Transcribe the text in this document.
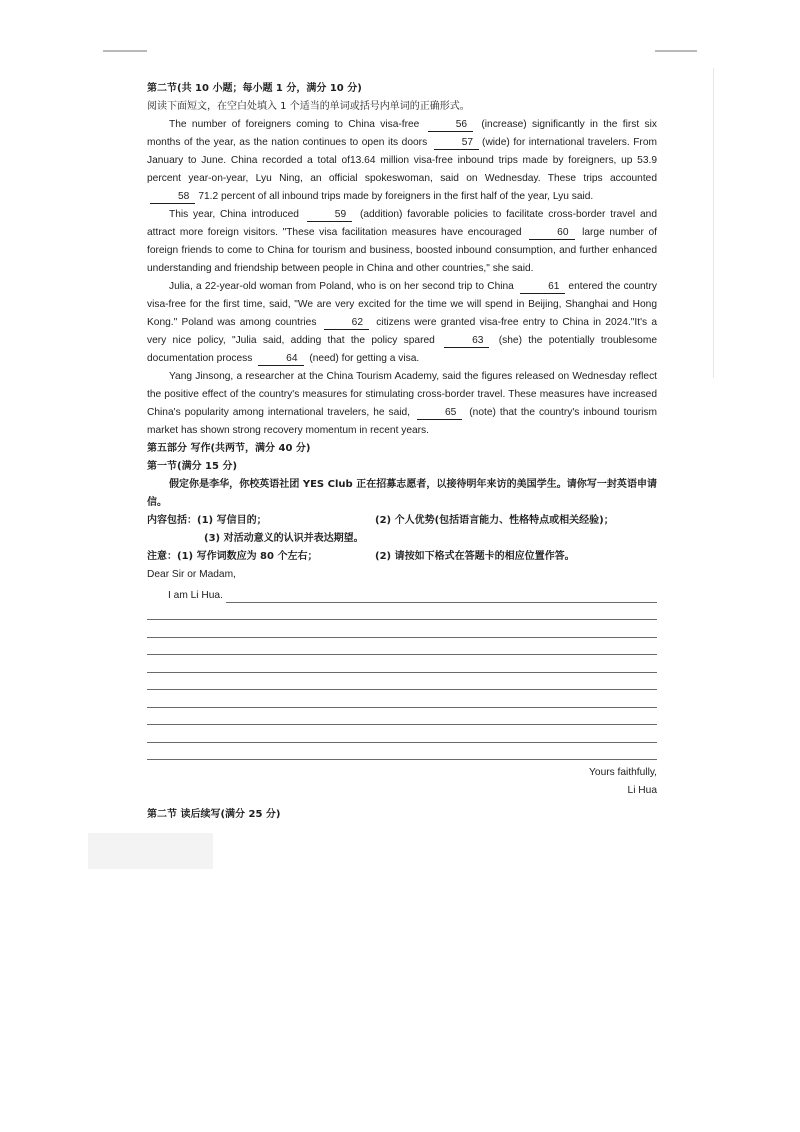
第二节(共 10 小题；每小题 1 分，满分 10 分)
阅读下面短文，在空白处填入 1 个适当的单词或括号内单词的正确形式。
The number of foreigners coming to China visa-free	56 (increase) significantly in the first six months of the year, as the nation continues to open its doors	57 (wide) for international travelers. From January to June. China recorded a total of13.64 million visa-free inbound trips made by foreigners, up 53.9 percent year-on-year, Lyu Ning, an official spokeswoman, said on Wednesday. These trips accounted 58 71.2 percent of all inbound trips made by foreigners in the first half of the year, Lyu said.
This year, China introduced	59 (addition) favorable policies to facilitate cross-border travel and attract more foreign visitors. "These visa facilitation measures have encouraged	60 large number of foreign friends to come to China for tourism and business, boosted inbound consumption, and further enhanced understanding and friendship between people in China and other countries," she said.
Julia, a 22-year-old woman from Poland, who is on her second trip to China	61 entered the country visa-free for the first time, said, "We are very excited for the time we will spend in Beijing, Shanghai and Hong Kong." Poland was among countries	62 citizens were granted visa-free entry to China in 2024."It's a very nice policy, "Julia said, adding that the policy spared	63 (she) the potentially troublesome documentation process	64 (need) for getting a visa.
Yang Jinsong, a researcher at the China Tourism Academy, said the figures released on Wednesday reflect the positive effect of the country's measures for stimulating cross-border travel. These measures have increased China's popularity among international travelers, he said,	65 (note) that the country's inbound tourism market has shown strong recovery momentum in recent years.
第五部分 写作(共两节，满分 40 分)
第一节(满分 15 分)
假定你是李华，你校英语社团 YES Club 正在招募志愿者，以接待明年来访的美国学生。请你写一封英语申请信。
内容包括：(1) 写信目的；	(2) 个人优势(包括语言能力、性格特点或相关经验)；
(3) 对活动意义的认识并表达期望。
注意：(1) 写作词数应为 80 个左右；	(2) 请按如下格式在答题卡的相应位置作答。
Dear Sir or Madam,
I am Li Hua.
Yours faithfully,
Li Hua
第二节 读后续写(满分 25 分)
